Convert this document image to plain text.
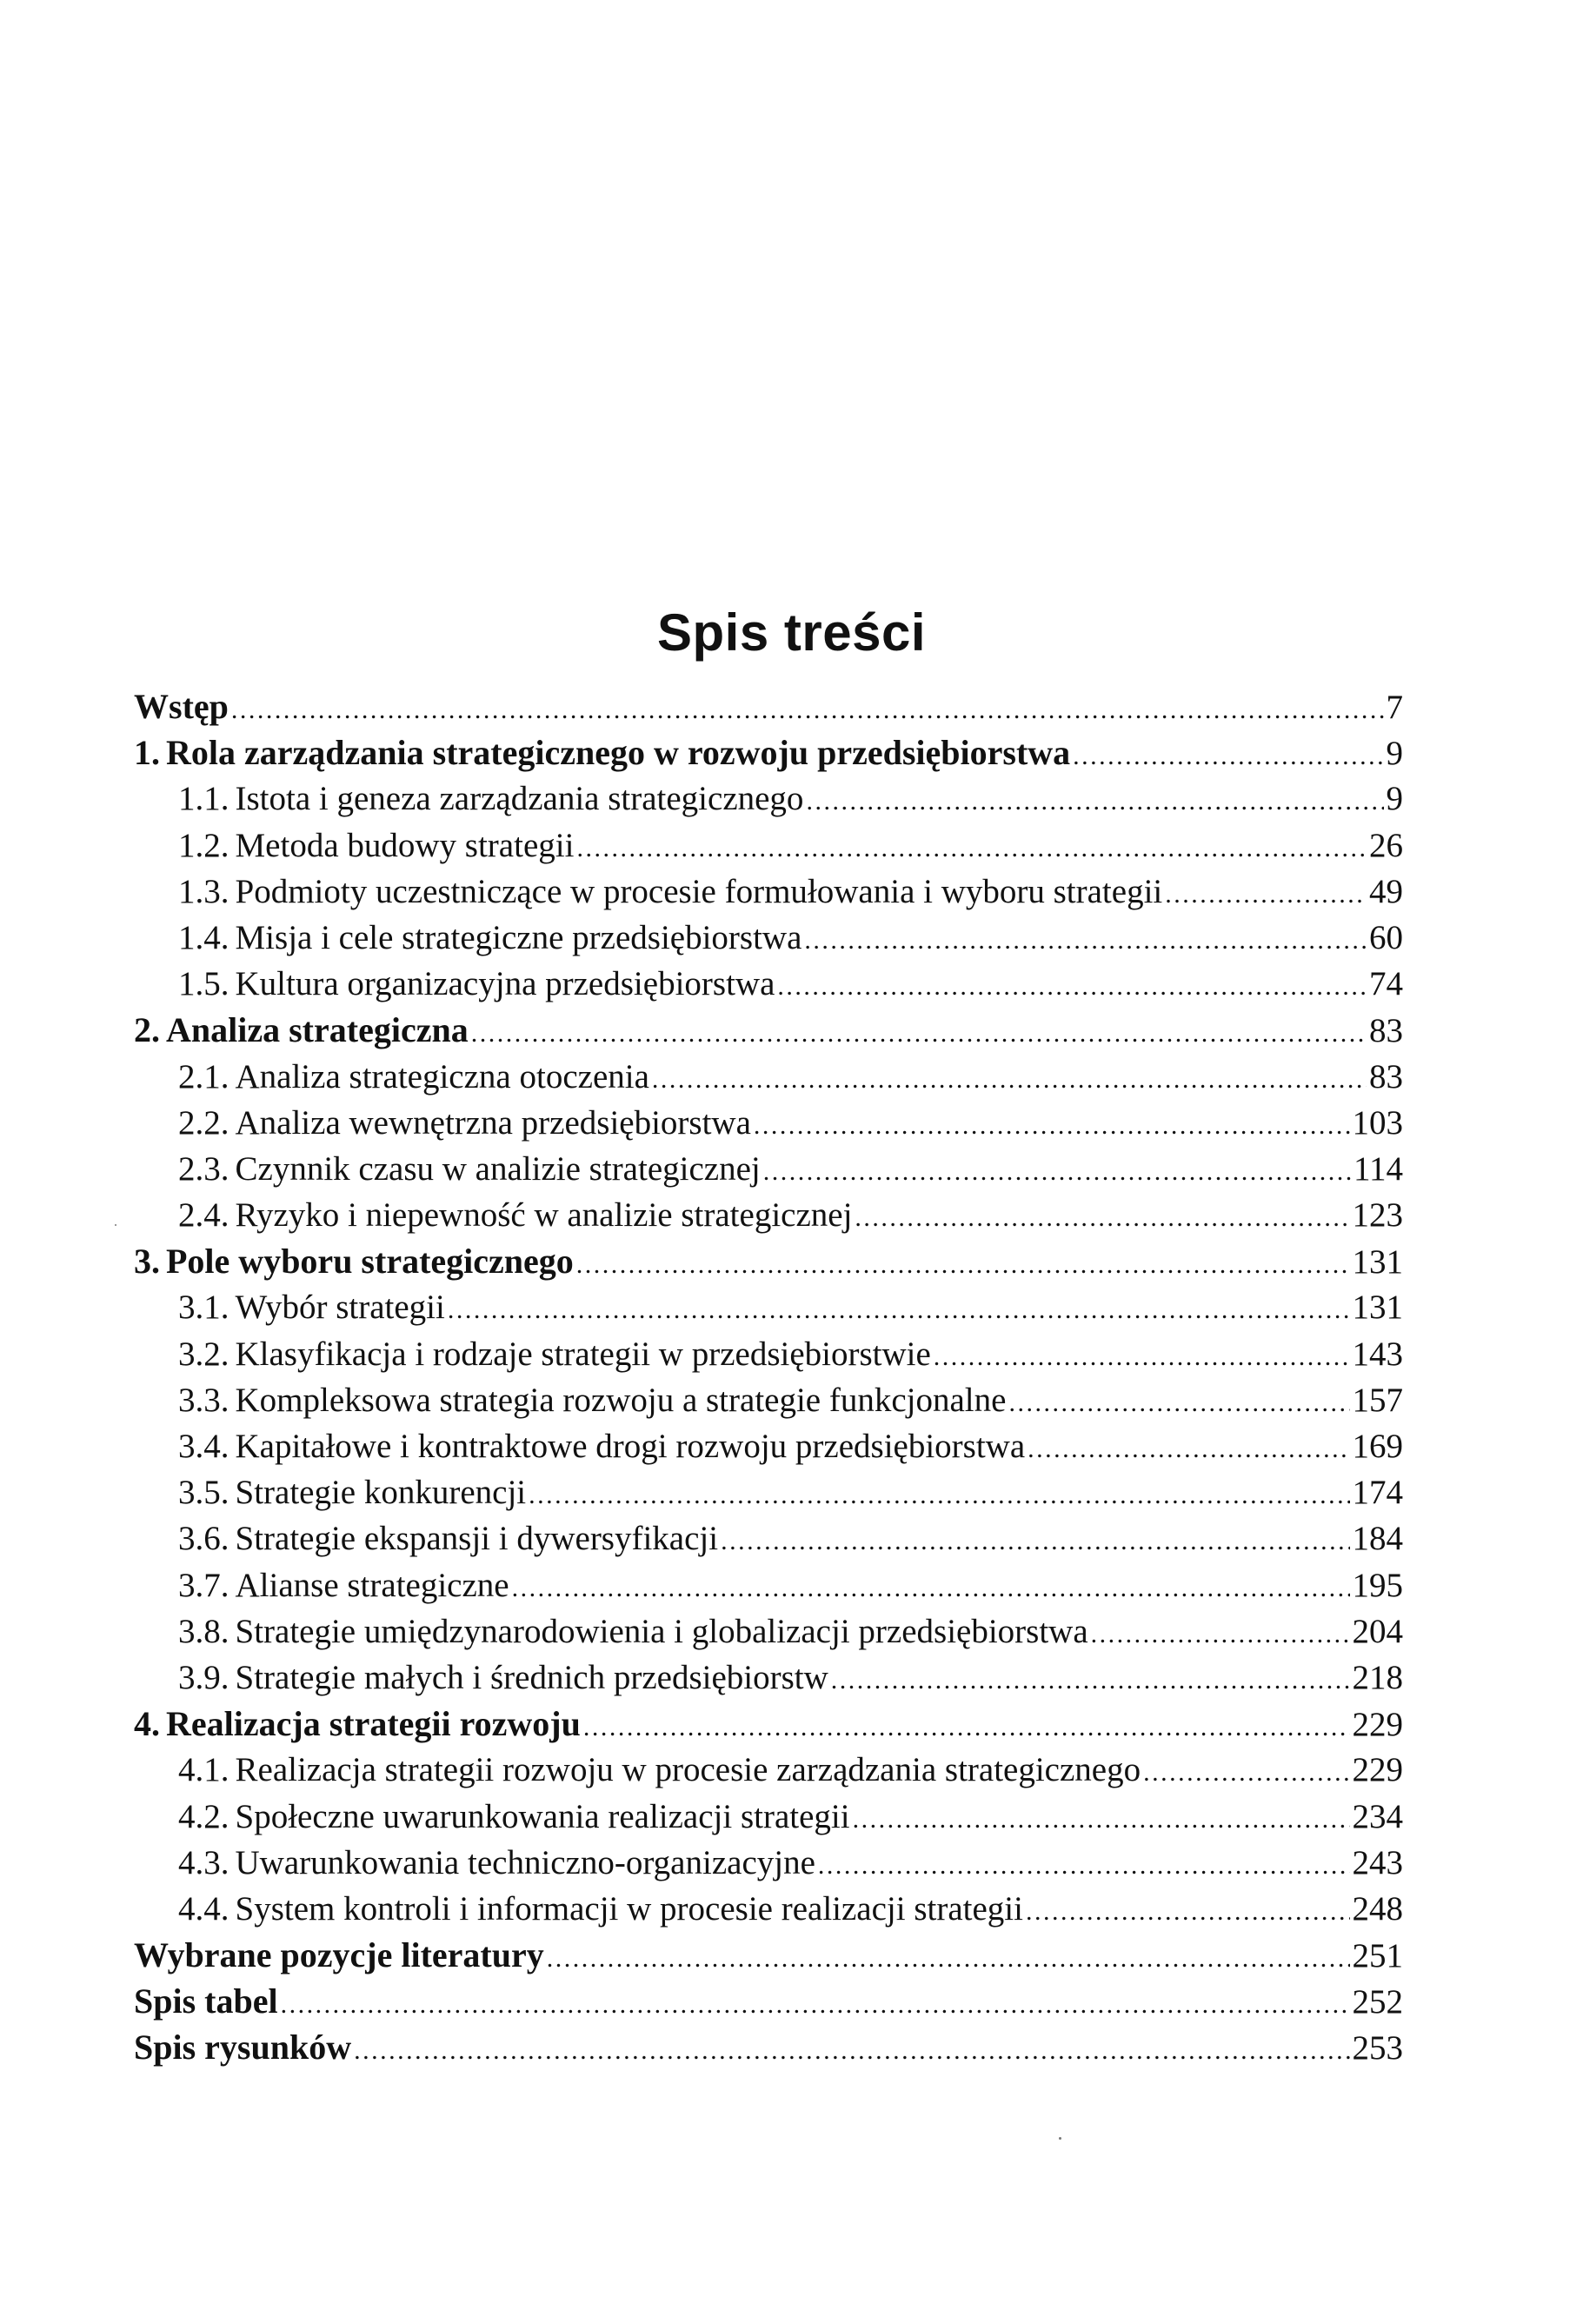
Spis treści
Wstęp .....	7
1. Rola zarządzania strategicznego w rozwoju przedsiębiorstwa .....	9
1.1. Istota i geneza zarządzania strategicznego .....	9
1.2. Metoda budowy strategii .....	26
1.3. Podmioty uczestniczące w procesie formułowania i wyboru strategii .....	49
1.4. Misja i cele strategiczne przedsiębiorstwa .....	60
1.5. Kultura organizacyjna przedsiębiorstwa .....	74
2. Analiza strategiczna .....	83
2.1. Analiza strategiczna otoczenia .....	83
2.2. Analiza wewnętrzna przedsiębiorstwa .....	103
2.3. Czynnik czasu w analizie strategicznej .....	114
2.4. Ryzyko i niepewność w analizie strategicznej .....	123
3. Pole wyboru strategicznego .....	131
3.1. Wybór strategii .....	131
3.2. Klasyfikacja i rodzaje strategii w przedsiębiorstwie .....	143
3.3. Kompleksowa strategia rozwoju a strategie funkcjonalne .....	157
3.4. Kapitałowe i kontraktowe drogi rozwoju przedsiębiorstwa .....	169
3.5. Strategie konkurencji .....	174
3.6. Strategie ekspansji i dywersyfikacji .....	184
3.7. Alianse strategiczne .....	195
3.8. Strategie umiędzynarodowienia i globalizacji przedsiębiorstwa .....	204
3.9. Strategie małych i średnich przedsiębiorstw .....	218
4. Realizacja strategii rozwoju .....	229
4.1. Realizacja strategii rozwoju w procesie zarządzania strategicznego .....	229
4.2. Społeczne uwarunkowania realizacji strategii .....	234
4.3. Uwarunkowania techniczno-organizacyjne .....	243
4.4. System kontroli i informacji w procesie realizacji strategii .....	248
Wybrane pozycje literatury .....	251
Spis tabel .....	252
Spis rysunków .....	253
